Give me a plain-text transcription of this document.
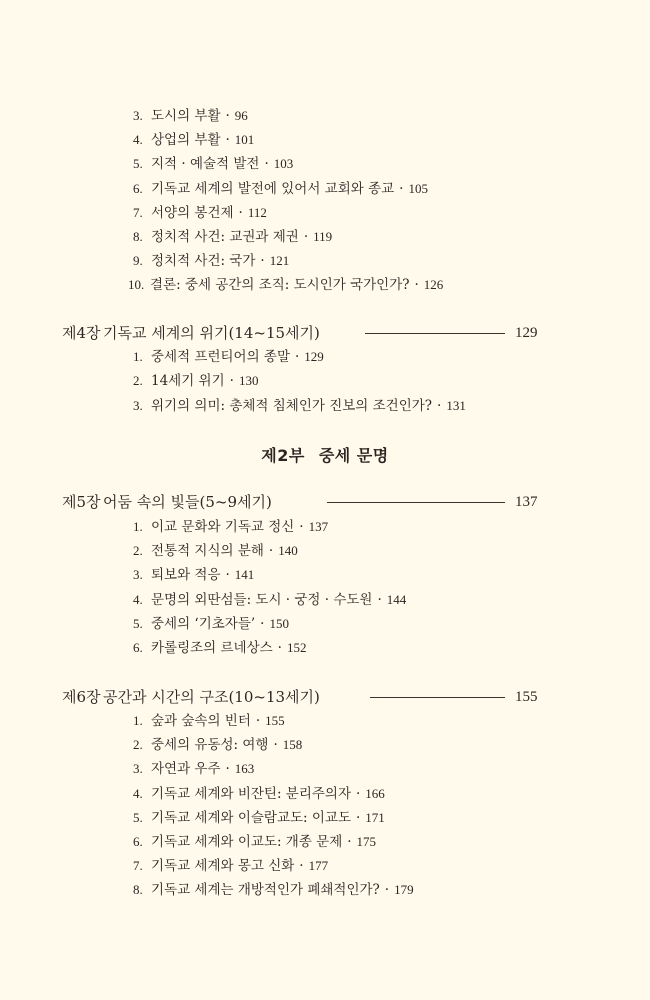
3. 도시의 부활 · 96
4. 상업의 부활 · 101
5. 지적 · 예술적 발전 · 103
6. 기독교 세계의 발전에 있어서 교회와 종교 · 105
7. 서양의 봉건제 · 112
8. 정치적 사건: 교권과 제권 · 119
9. 정치적 사건: 국가 · 121
10. 결론: 중세 공간의 조직: 도시인가 국가인가? · 126
제4장 기독교 세계의 위기(14~15세기)	129
1. 중세적 프런티어의 종말 · 129
2. 14세기 위기 · 130
3. 위기의 의미: 총체적 침체인가 진보의 조건인가? · 131
제2부 중세 문명
제5장 어둠 속의 빛들(5~9세기)	137
1. 이교 문화와 기독교 정신 · 137
2. 전통적 지식의 분해 · 140
3. 퇴보와 적응 · 141
4. 문명의 외딴섬들: 도시 · 궁정 · 수도원 · 144
5. 중세의 ‘기초자들’ · 150
6. 카롤링조의 르네상스 · 152
제6장 공간과 시간의 구조(10~13세기)	155
1. 숲과 숲속의 빈터 · 155
2. 중세의 유동성: 여행 · 158
3. 자연과 우주 · 163
4. 기독교 세계와 비잔틴: 분리주의자 · 166
5. 기독교 세계와 이슬람교도: 이교도 · 171
6. 기독교 세계와 이교도: 개종 문제 · 175
7. 기독교 세계와 몽고 신화 · 177
8. 기독교 세계는 개방적인가 폐쇄적인가? · 179
